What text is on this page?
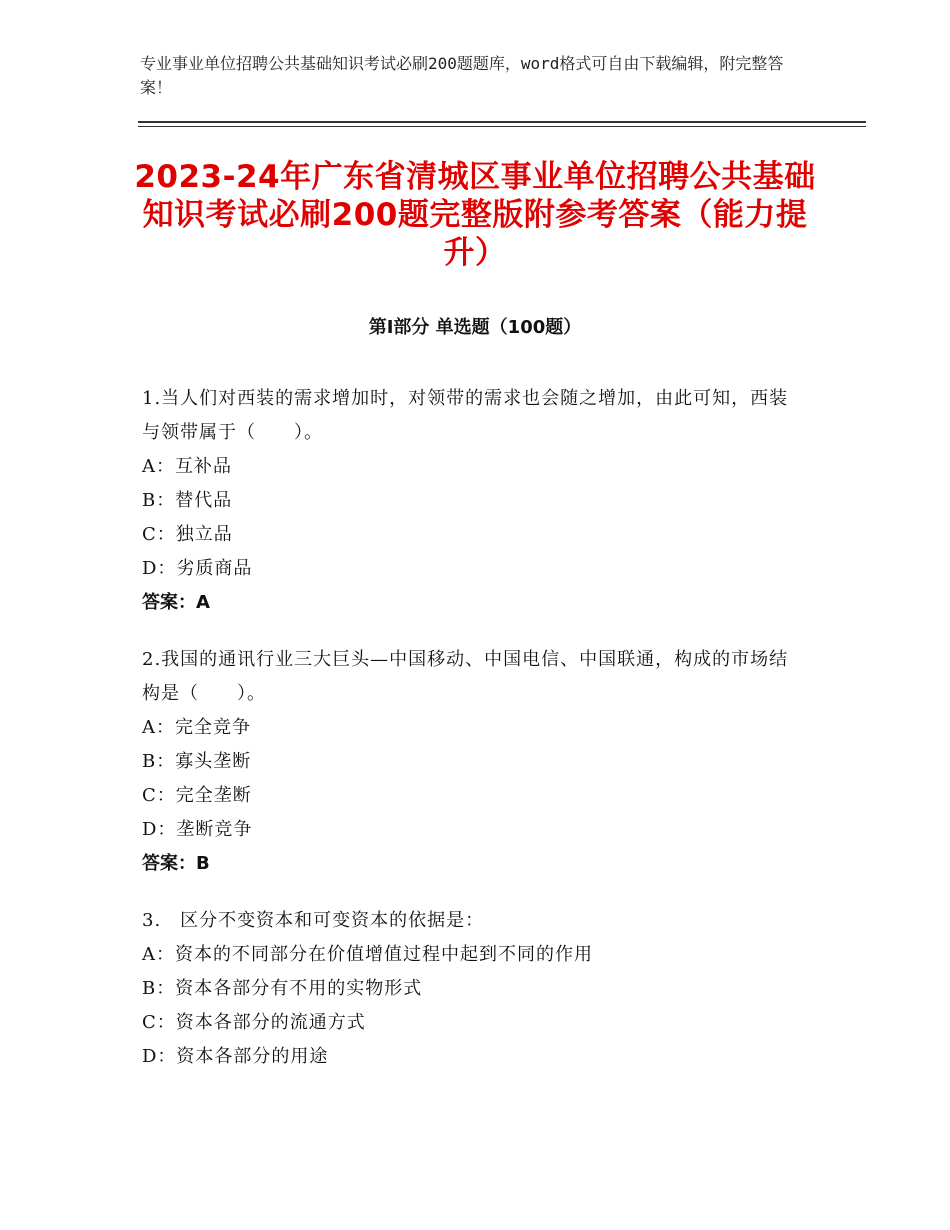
专业事业单位招聘公共基础知识考试必刷200题题库，word格式可自由下载编辑，附完整答案！
2023-24年广东省清城区事业单位招聘公共基础知识考试必刷200题完整版附参考答案（能力提升）
第Ⅰ部分 单选题（100题）
1.当人们对西装的需求增加时，对领带的需求也会随之增加，由此可知，西装与领带属于（　　）。
A：互补品
B：替代品
C：独立品
D：劣质商品
答案：A
2.我国的通讯行业三大巨头—中国移动、中国电信、中国联通，构成的市场结构是（　　）。
A：完全竞争
B：寡头垄断
C：完全垄断
D：垄断竞争
答案：B
3.　区分不变资本和可变资本的依据是：
A：资本的不同部分在价值增值过程中起到不同的作用
B：资本各部分有不用的实物形式
C：资本各部分的流通方式
D：资本各部分的用途
